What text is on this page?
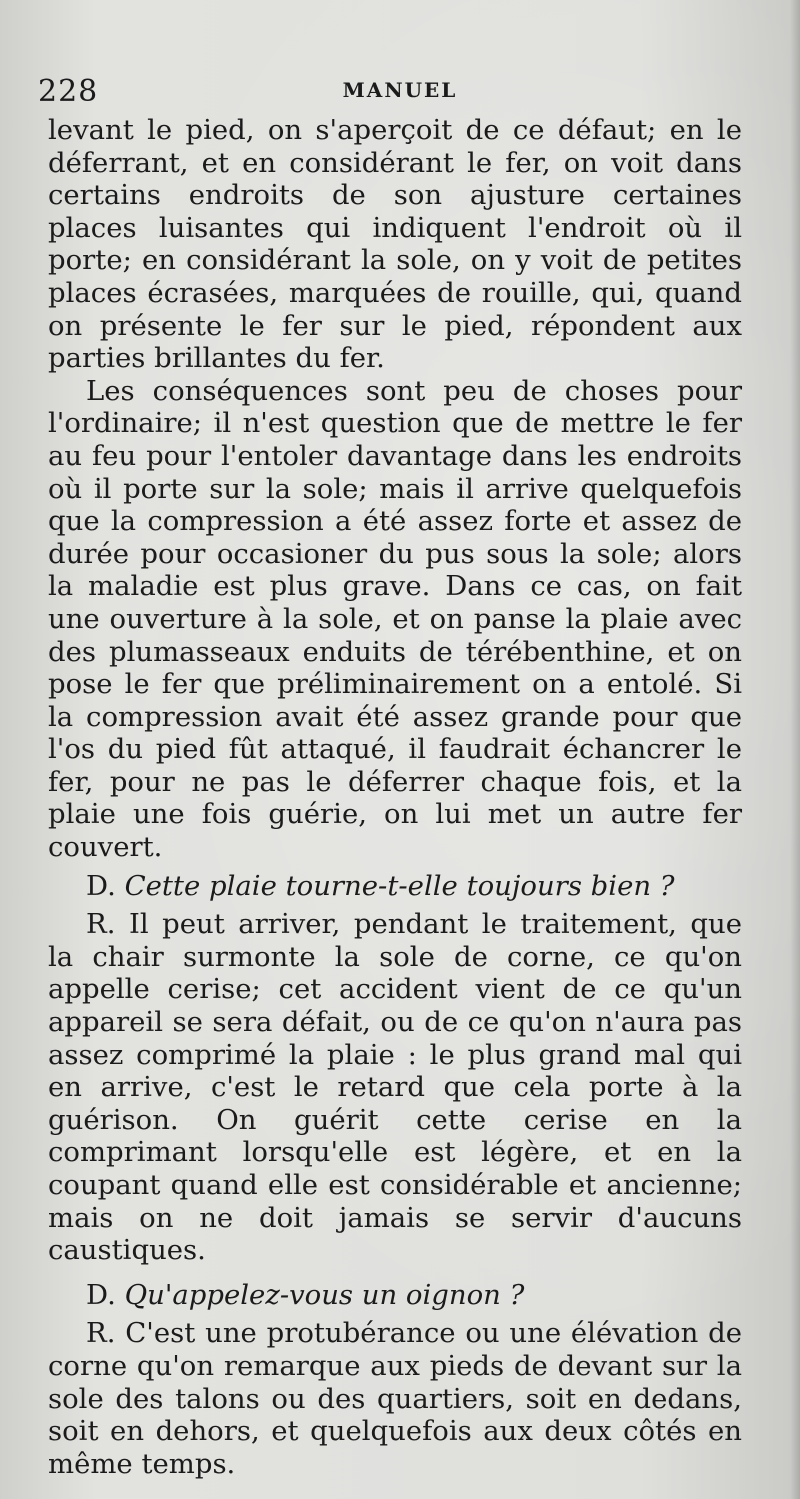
228	MANUEL

levant le pied, on s'aperçoit de ce défaut; en le déferrant, et en considérant le fer, on voit dans certains endroits de son ajusture certaines places luisantes qui indiquent l'endroit où il porte; en considérant la sole, on y voit de petites places écrasées, marquées de rouille, qui, quand on présente le fer sur le pied, répondent aux parties brillantes du fer.

Les conséquences sont peu de choses pour l'ordinaire; il n'est question que de mettre le fer au feu pour l'entoler davantage dans les endroits où il porte sur la sole; mais il arrive quelquefois que la compression a été assez forte et assez de durée pour occasioner du pus sous la sole; alors la maladie est plus grave. Dans ce cas, on fait une ouverture à la sole, et on panse la plaie avec des plumasseaux enduits de térébenthine, et on pose le fer que préliminairement on a entolé. Si la compression avait été assez grande pour que l'os du pied fût attaqué, il faudrait échancrer le fer, pour ne pas le déferrer chaque fois, et la plaie une fois guérie, on lui met un autre fer couvert.

D. Cette plaie tourne-t-elle toujours bien ?

R. Il peut arriver, pendant le traitement, que la chair surmonte la sole de corne, ce qu'on appelle cerise; cet accident vient de ce qu'un appareil se sera défait, ou de ce qu'on n'aura pas assez comprimé la plaie : le plus grand mal qui en arrive, c'est le retard que cela porte à la guérison. On guérit cette cerise en la comprimant lorsqu'elle est légère, et en la coupant quand elle est considérable et ancienne; mais on ne doit jamais se servir d'aucuns caustiques.

D. Qu'appelez-vous un oignon ?

R. C'est une protubérance ou une élévation de corne qu'on remarque aux pieds de devant sur la sole des talons ou des quartiers, soit en dedans, soit en dehors, et quelquefois aux deux côtés en même temps.
